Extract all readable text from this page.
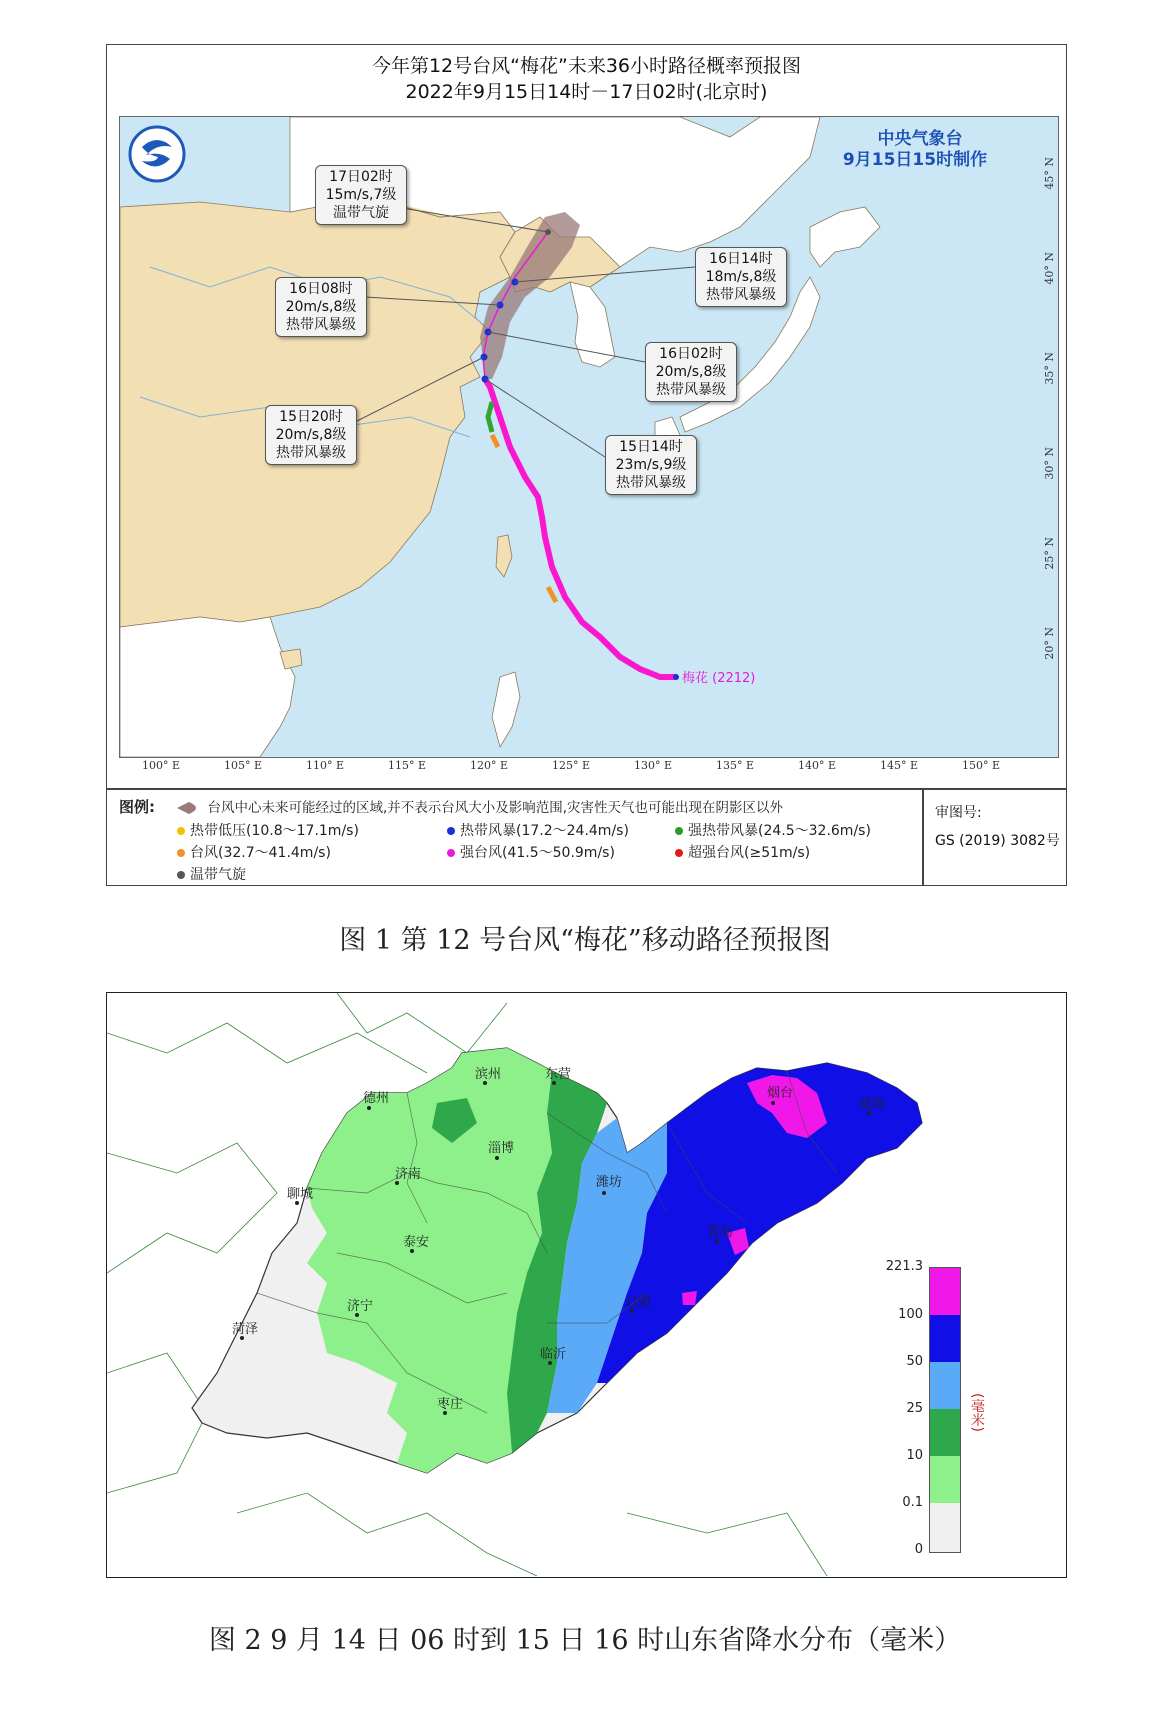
今年第12号台风“梅花”未来36小时路径概率预报图
2022年9月15日14时－17日02时(北京时)
中央气象台
9月15日15时制作
17日02时
15m/s,7级
温带气旋
16日14时
18m/s,8级
热带风暴级
16日08时
20m/s,8级
热带风暴级
16日02时
20m/s,8级
热带风暴级
15日20时
20m/s,8级
热带风暴级	15日14时
23m/s,9级
热带风暴级
梅花 (2212)
45° N
40° N
35° N
30° N
25° N
20° N
100° E	105° E	110° E	115° E	120° E	125° E	130° E	135° E	140° E	145° E	150° E
图例:	台风中心未来可能经过的区域,并不表示台风大小及影响范围,灾害性天气也可能出现在阴影区以外
热带低压(10.8～17.1m/s)	热带风暴(17.2～24.4m/s)	强热带风暴(24.5～32.6m/s)
台风(32.7～41.4m/s)	强台风(41.5～50.9m/s)	超强台风(≥51m/s)
温带气旋
审图号:
GS (2019) 3082号
图 1 第 12 号台风“梅花”移动路径预报图
德州
滨州	东营
烟台
威海
聊城
济南
淄博
潍坊
青岛
泰安
济宁
菏泽
日照
临沂
枣庄
221.3
100
50
25
10
0.1
0
(毫米)
图 2 9 月 14 日 06 时到 15 日 16 时山东省降水分布（毫米）
